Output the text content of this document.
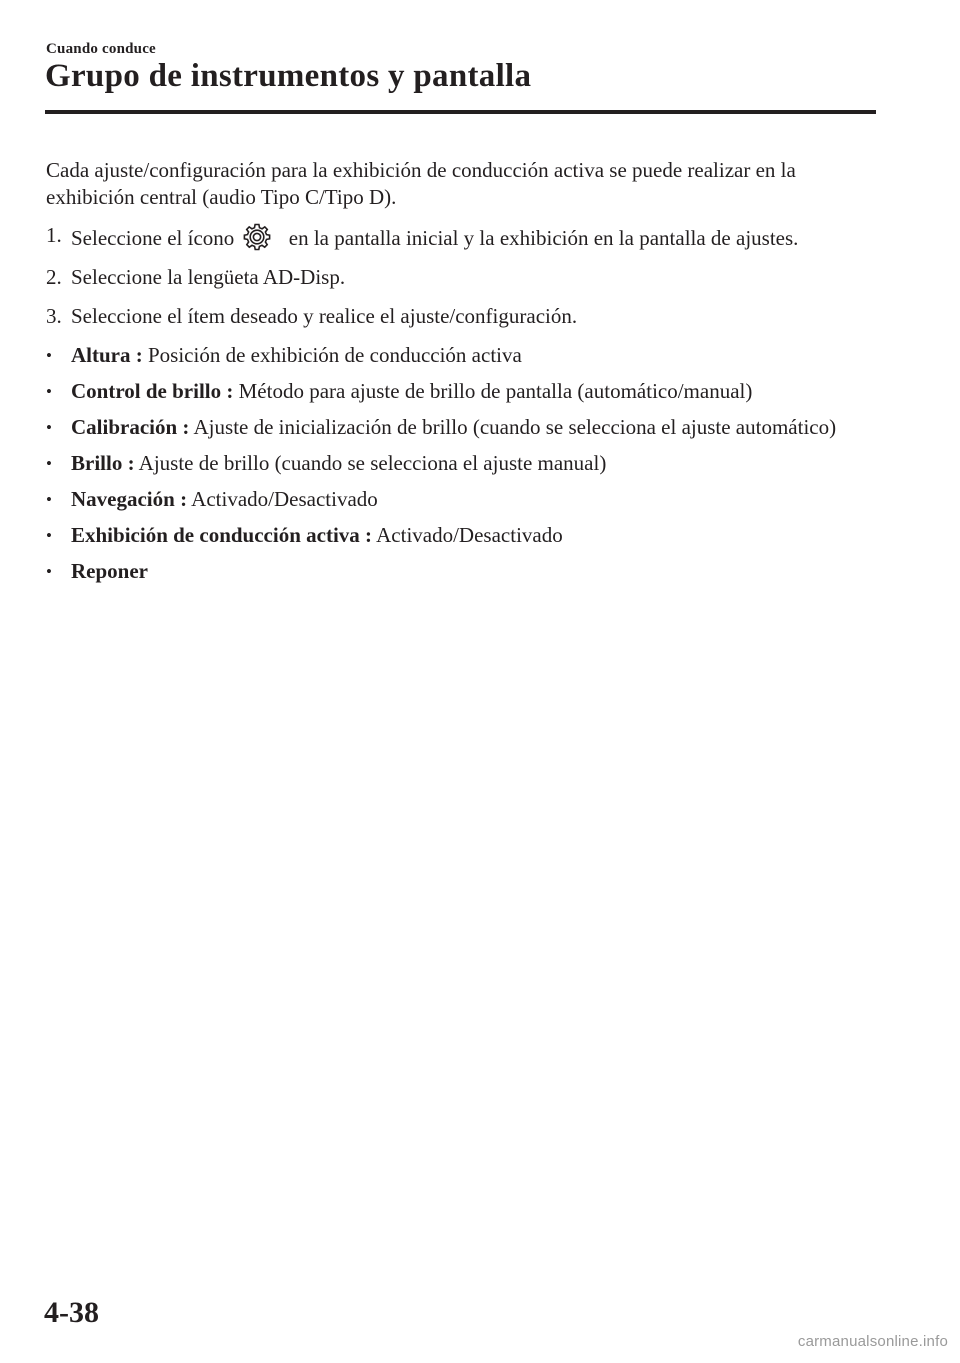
Cuando conduce
Grupo de instrumentos y pantalla

Cada ajuste/configuración para la exhibición de conducción activa se puede realizar en la exhibición central (audio Tipo C/Tipo D).

1. Seleccione el ícono	en la pantalla inicial y la exhibición en la pantalla de ajustes.
2. Seleccione la lengüeta AD-Disp.
3. Seleccione el ítem deseado y realice el ajuste/configuración.
• Altura : Posición de exhibición de conducción activa
• Control de brillo : Método para ajuste de brillo de pantalla (automático/manual)
• Calibración : Ajuste de inicialización de brillo (cuando se selecciona el ajuste automático)
• Brillo : Ajuste de brillo (cuando se selecciona el ajuste manual)
• Navegación : Activado/Desactivado
• Exhibición de conducción activa : Activado/Desactivado
• Reponer
4-38
carmanualsonline.info
